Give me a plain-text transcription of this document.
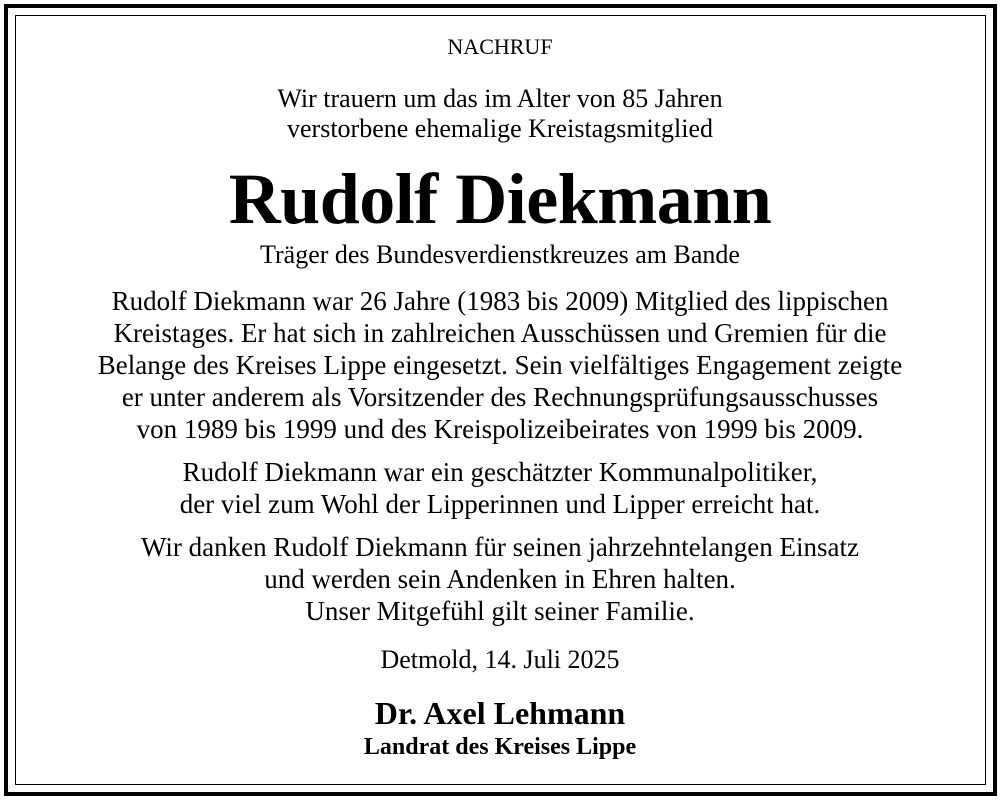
NACHRUF
Wir trauern um das im Alter von 85 Jahren
verstorbene ehemalige Kreistagsmitglied
Rudolf Diekmann
Träger des Bundesverdienstkreuzes am Bande
Rudolf Diekmann war 26 Jahre (1983 bis 2009) Mitglied des lippischen
Kreistages. Er hat sich in zahlreichen Ausschüssen und Gremien für die
Belange des Kreises Lippe eingesetzt. Sein vielfältiges Engagement zeigte
er unter anderem als Vorsitzender des Rechnungsprüfungsausschusses
von 1989 bis 1999 und des Kreispolizeibeirates von 1999 bis 2009.
Rudolf Diekmann war ein geschätzter Kommunalpolitiker,
der viel zum Wohl der Lipperinnen und Lipper erreicht hat.
Wir danken Rudolf Diekmann für seinen jahrzehntelangen Einsatz
und werden sein Andenken in Ehren halten.
Unser Mitgefühl gilt seiner Familie.
Detmold, 14. Juli 2025
Dr. Axel Lehmann
Landrat des Kreises Lippe
